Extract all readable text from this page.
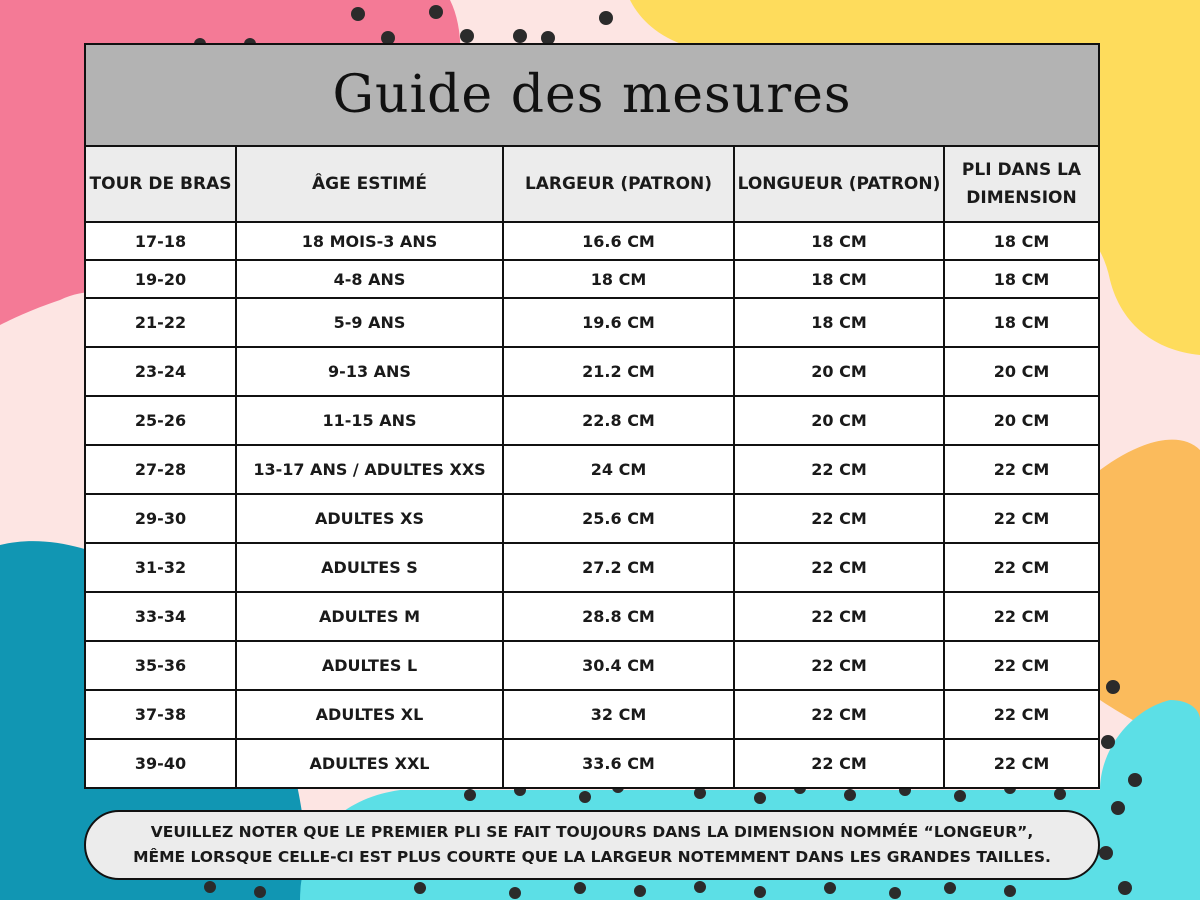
Guide des mesures
TOUR DE BRAS	ÂGE ESTIMÉ	LARGEUR (PATRON)	LONGUEUR (PATRON)	PLI DANS LA DIMENSION
17-18	18 MOIS-3 ANS	16.6 CM	18 CM	18 CM
19-20	4-8 ANS	18 CM	18 CM	18 CM
21-22	5-9 ANS	19.6 CM	18 CM	18 CM
23-24	9-13 ANS	21.2 CM	20 CM	20 CM
25-26	11-15 ANS	22.8 CM	20 CM	20 CM
27-28	13-17 ANS / ADULTES XXS	24 CM	22 CM	22 CM
29-30	ADULTES XS	25.6 CM	22 CM	22 CM
31-32	ADULTES S	27.2 CM	22 CM	22 CM
33-34	ADULTES M	28.8 CM	22 CM	22 CM
35-36	ADULTES L	30.4 CM	22 CM	22 CM
37-38	ADULTES XL	32 CM	22 CM	22 CM
39-40	ADULTES XXL	33.6 CM	22 CM	22 CM
VEUILLEZ NOTER QUE LE PREMIER PLI SE FAIT TOUJOURS DANS LA DIMENSION NOMMÉE “LONGEUR”, MÊME LORSQUE CELLE-CI EST PLUS COURTE QUE LA LARGEUR NOTEMMENT DANS LES GRANDES TAILLES.
